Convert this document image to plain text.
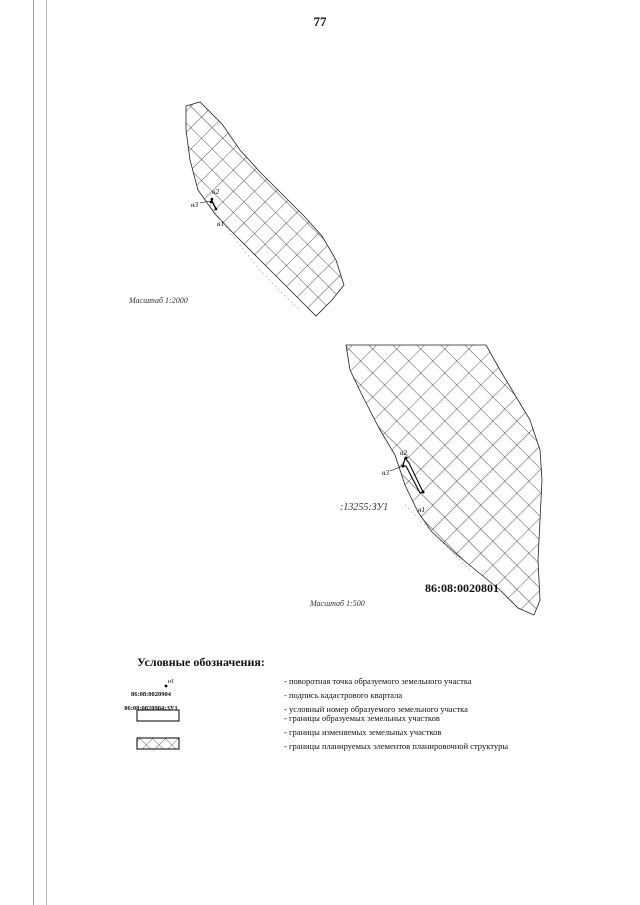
77
н2
н3
н1
н2
н3
н1
:13255:ЗУ1
н1
Масштаб 1:2000
Масштаб 1:500
86:08:0020801
Условные обозначения:
- поворотная точка образуемого земельного участка
86:08:0020904	- подпись кадастрового квартала
86:08:0020904:ЗУ1	- условный номер образуемого земельного участка
- границы образуемых земельных участков
- границы изменяемых земельных участков
- границы планируемых элементов планировочной структуры
